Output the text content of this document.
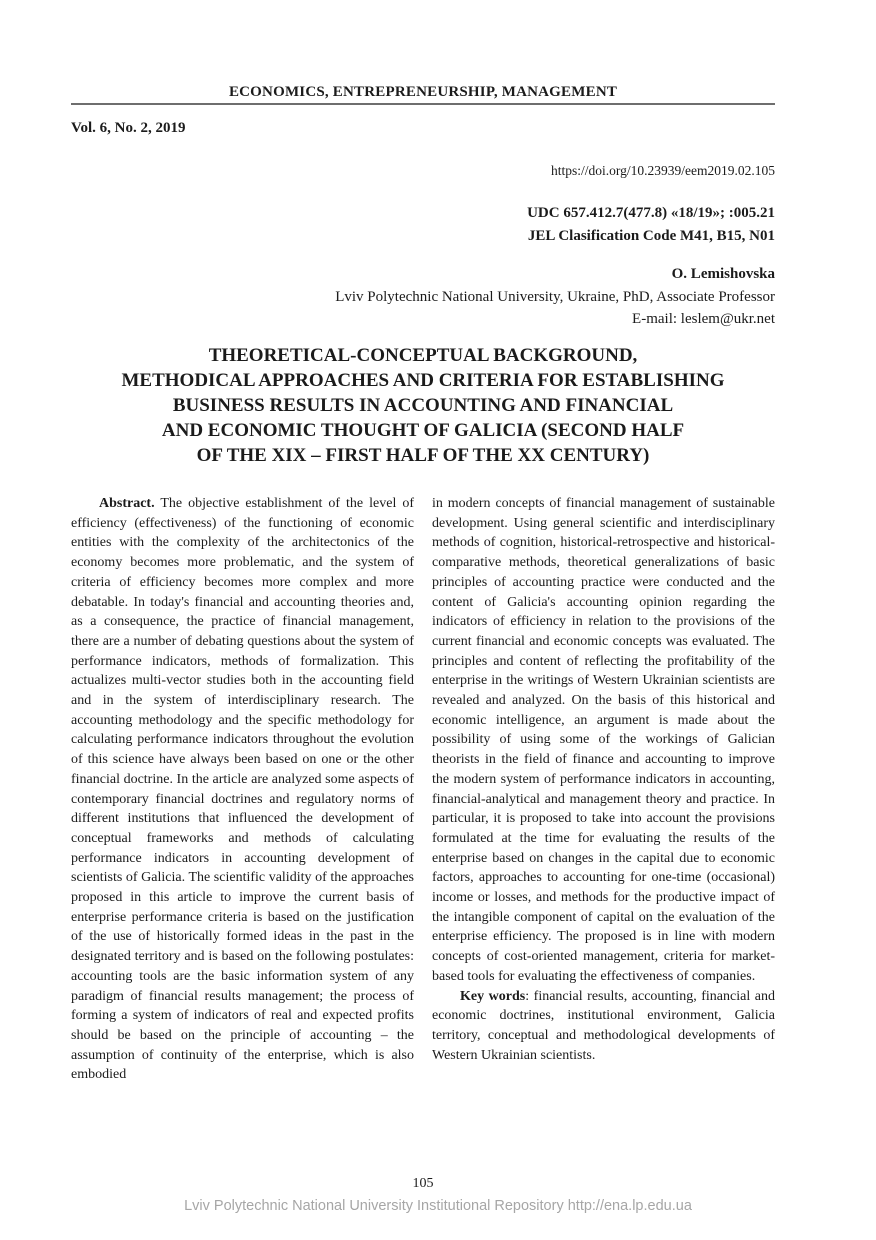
ECONOMICS, ENTREPRENEURSHIP, MANAGEMENT
Vol. 6, No. 2, 2019
https://doi.org/10.23939/eem2019.02.105
UDC 657.412.7(477.8) «18/19»; :005.21
JEL Clasification Code M41, B15, N01
O. Lemishovska
Lviv Polytechnic National University, Ukraine, PhD, Associate Professor
E-mail: leslem@ukr.net
THEORETICAL-CONCEPTUAL BACKGROUND,
METHODICAL APPROACHES AND CRITERIA FOR ESTABLISHING
BUSINESS RESULTS IN ACCOUNTING AND FINANCIAL
AND ECONOMIC THOUGHT OF GALICIA (SECOND HALF
OF THE XIX – FIRST HALF OF THE XX CENTURY)

Abstract. The objective establishment of the level of efficiency (effectiveness) of the functioning of economic entities with the complexity of the architectonics of the economy becomes more problematic, and the system of criteria of efficiency becomes more complex and more debatable. In today's financial and accounting theories and, as a consequence, the practice of financial management, there are a number of debating questions about the system of performance indicators, methods of formalization. This actualizes multi-vector studies both in the accounting field and in the system of interdisciplinary research. The accounting methodology and the specific methodology for calculating performance indicators throughout the evolution of this science have always been based on one or the other financial doctrine. In the article are analyzed some aspects of contemporary financial doctrines and regulatory norms of different institutions that influenced the development of conceptual frameworks and methods of calculating performance indicators in accounting development of scientists of Galicia. The scientific validity of the approaches proposed in this article to improve the current basis of enterprise performance criteria is based on the justification of the use of historically formed ideas in the past in the designated territory and is based on the following postulates: accounting tools are the basic information system of any paradigm of financial results management; the process of forming a system of indicators of real and expected profits should be based on the principle of accounting – the assumption of continuity of the enterprise, which is also embodied

in modern concepts of financial management of sustainable development. Using general scientific and interdisciplinary methods of cognition, historical-retrospective and historical-comparative methods, theoretical generalizations of basic principles of accounting practice were conducted and the content of Galicia's accounting opinion regarding the indicators of efficiency in relation to the provisions of the current financial and economic concepts was evaluated. The principles and content of reflecting the profitability of the enterprise in the writings of Western Ukrainian scientists are revealed and analyzed. On the basis of this historical and economic intelligence, an argument is made about the possibility of using some of the workings of Galician theorists in the field of finance and accounting to improve the modern system of performance indicators in accounting, financial-analytical and management theory and practice. In particular, it is proposed to take into account the provisions formulated at the time for evaluating the results of the enterprise based on changes in the capital due to economic factors, approaches to accounting for one-time (occasional) income or losses, and methods for the productive impact of the intangible component of capital on the evaluation of the enterprise efficiency. The proposed is in line with modern concepts of cost-oriented management, criteria for market-based tools for evaluating the effectiveness of companies.

Key words: financial results, accounting, financial and economic doctrines, institutional environment, Galicia territory, conceptual and methodological developments of Western Ukrainian scientists.

105
Lviv Polytechnic National University Institutional Repository http://ena.lp.edu.ua
